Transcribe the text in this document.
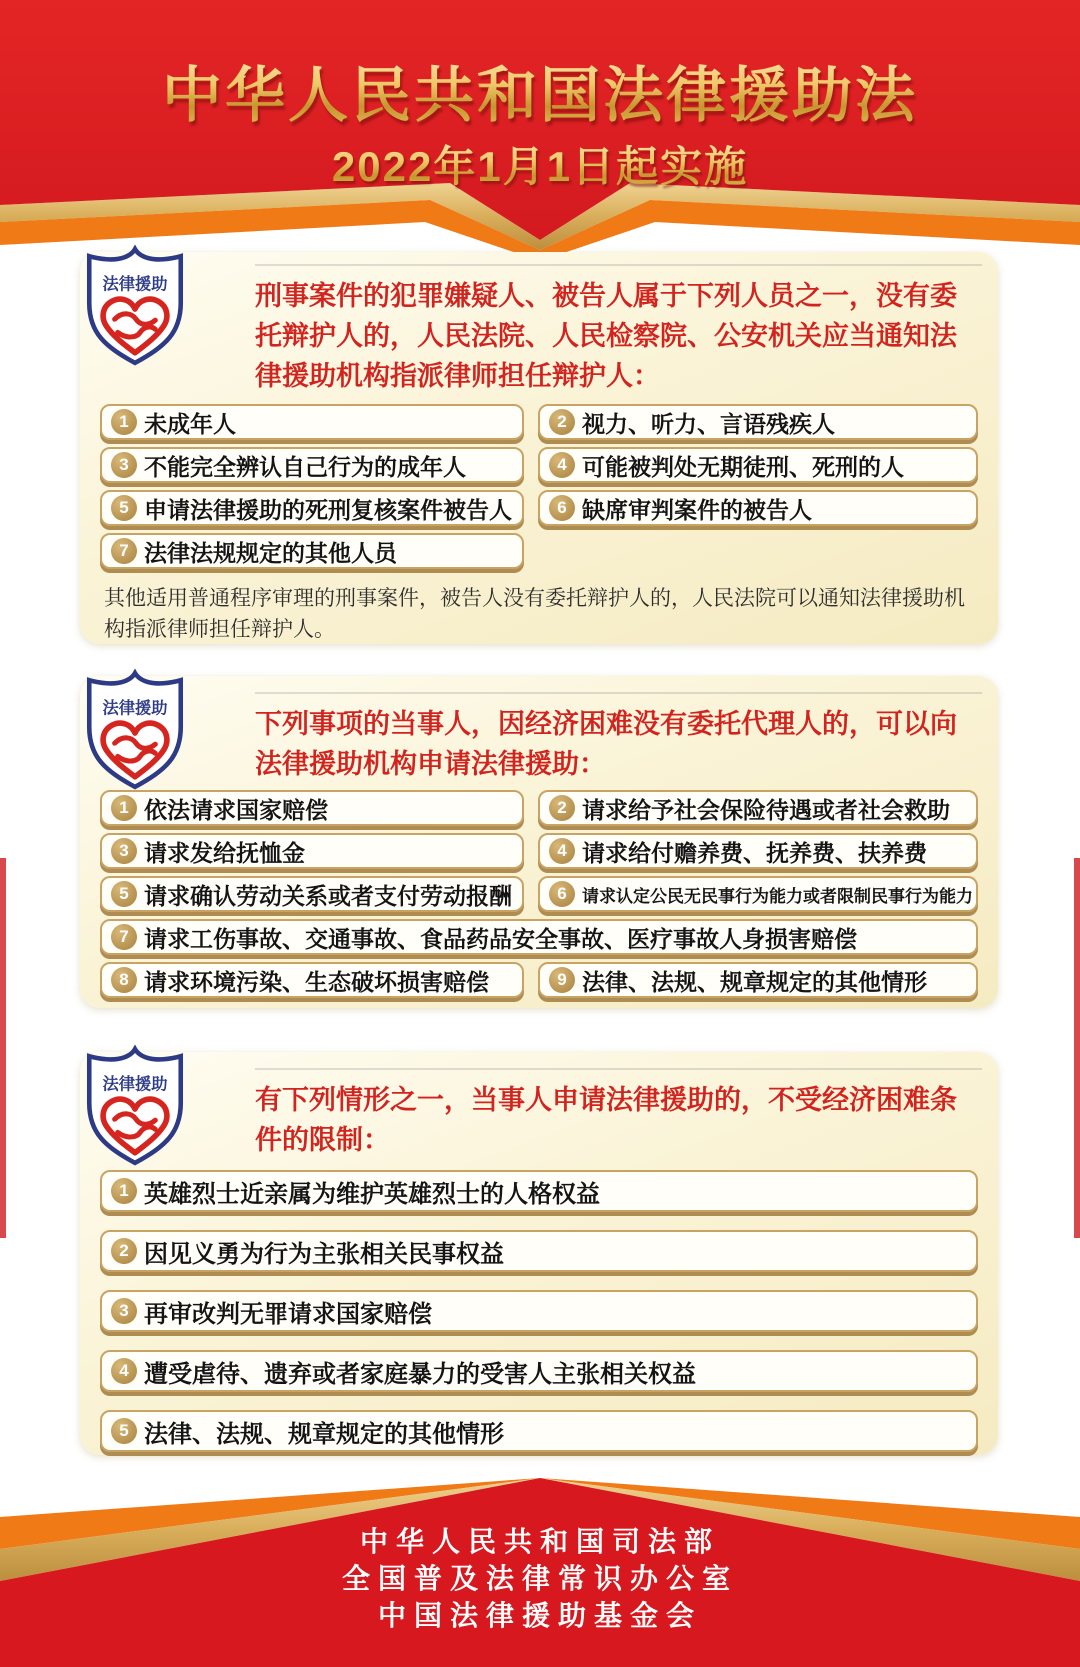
中华人民共和国法律援助法
2022年1月1日起实施
法律援助	刑事案件的犯罪嫌疑人、被告人属于下列人员之一，没有委托辩护人的，人民法院、人民检察院、公安机关应当通知法律援助机构指派律师担任辩护人：
1 未成年人	2 视力、听力、言语残疾人
3 不能完全辨认自己行为的成年人	4 可能被判处无期徒刑、死刑的人
5 申请法律援助的死刑复核案件被告人	6 缺席审判案件的被告人
7 法律法规规定的其他人员
其他适用普通程序审理的刑事案件，被告人没有委托辩护人的，人民法院可以通知法律援助机构指派律师担任辩护人。
法律援助
下列事项的当事人，因经济困难没有委托代理人的，可以向法律援助机构申请法律援助：
1 依法请求国家赔偿	2 请求给予社会保险待遇或者社会救助
3 请求发给抚恤金	4 请求给付赡养费、抚养费、扶养费
5 请求确认劳动关系或者支付劳动报酬	6 请求认定公民无民事行为能力或者限制民事行为能力
7 请求工伤事故、交通事故、食品药品安全事故、医疗事故人身损害赔偿
8 请求环境污染、生态破坏损害赔偿	9 法律、法规、规章规定的其他情形
法律援助
有下列情形之一，当事人申请法律援助的，不受经济困难条件的限制：
1 英雄烈士近亲属为维护英雄烈士的人格权益
2 因见义勇为行为主张相关民事权益
3 再审改判无罪请求国家赔偿
4 遭受虐待、遗弃或者家庭暴力的受害人主张相关权益
5 法律、法规、规章规定的其他情形
中华人民共和国司法部
全国普及法律常识办公室
中国法律援助基金会
